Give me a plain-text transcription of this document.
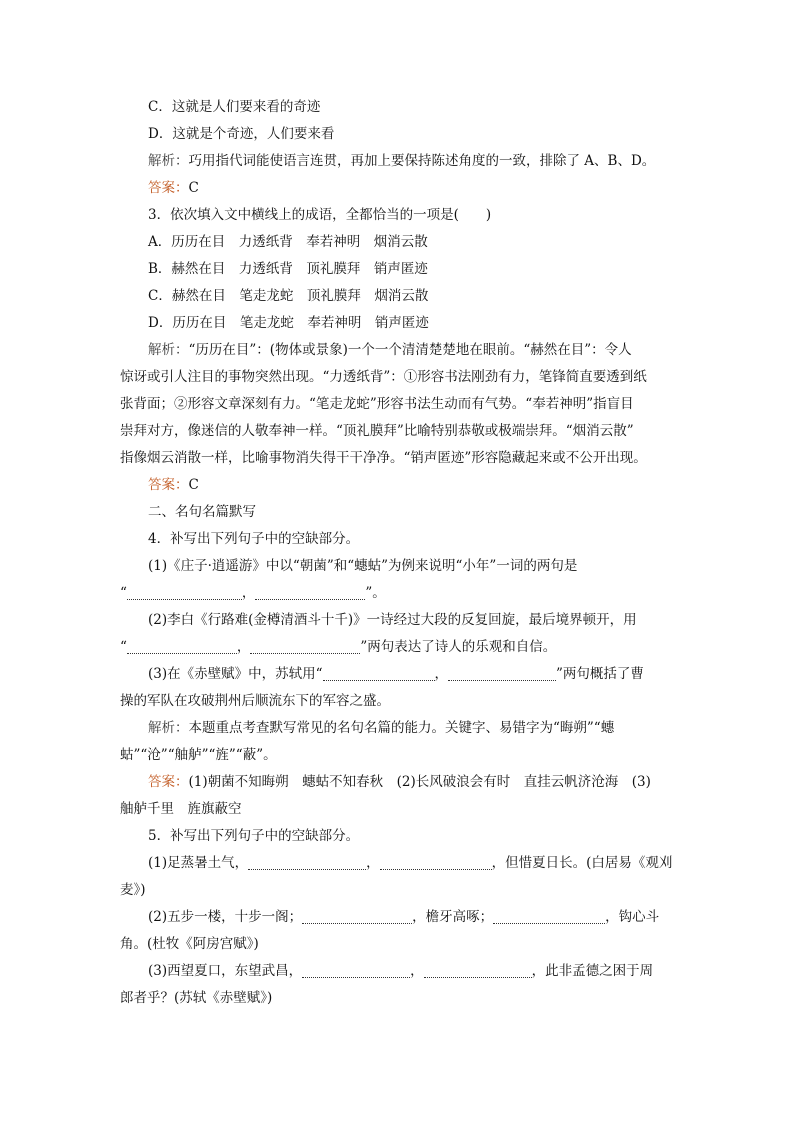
C．这就是人们要来看的奇迹
D．这就是个奇迹，人们要来看
解析：巧用指代词能使语言连贯，再加上要保持陈述角度的一致，排除了 A、B、D。
答案：C
3．依次填入文中横线上的成语，全都恰当的一项是(　　)
A．历历在目　力透纸背　奉若神明　烟消云散
B．赫然在目　力透纸背　顶礼膜拜　销声匿迹
C．赫然在目　笔走龙蛇　顶礼膜拜　烟消云散
D．历历在目　笔走龙蛇　奉若神明　销声匿迹
解析：“历历在目”：(物体或景象)一个一个清清楚楚地在眼前。“赫然在目”：令人
惊讶或引人注目的事物突然出现。“力透纸背”：①形容书法刚劲有力，笔锋简直要透到纸
张背面；②形容文章深刻有力。“笔走龙蛇”形容书法生动而有气势。“奉若神明”指盲目
崇拜对方，像迷信的人敬奉神一样。“顶礼膜拜”比喻特别恭敬或极端崇拜。“烟消云散”
指像烟云消散一样，比喻事物消失得干干净净。“销声匿迹”形容隐藏起来或不公开出现。
答案：C
二、名句名篇默写
4．补写出下列句子中的空缺部分。
(1)《庄子·逍遥游》中以“朝菌”和“蟪蛄”为例来说明“小年”一词的两句是
“	，	”。
(2)李白《行路难(金樽清酒斗十千)》一诗经过大段的反复回旋，最后境界顿开，用
“	，	”两句表达了诗人的乐观和自信。
(3)在《赤壁赋》中，苏轼用“	，	”两句概括了曹
操的军队在攻破荆州后顺流东下的军容之盛。
解析：本题重点考查默写常见的名句名篇的能力。关键字、易错字为“晦朔”“蟪
蛄”“沧”“舳舻”“旌”“蔽”。
答案：(1)朝菌不知晦朔　蟪蛄不知春秋　(2)长风破浪会有时　直挂云帆济沧海　(3)
舳舻千里　旌旗蔽空
5．补写出下列句子中的空缺部分。
(1)足蒸暑土气，	，	，但惜夏日长。(白居易《观刈
麦》)
(2)五步一楼，十步一阁；	，檐牙高啄；	，钩心斗
角。(杜牧《阿房宫赋》)
(3)西望夏口，东望武昌，	，	，此非孟德之困于周
郎者乎？(苏轼《赤壁赋》)
